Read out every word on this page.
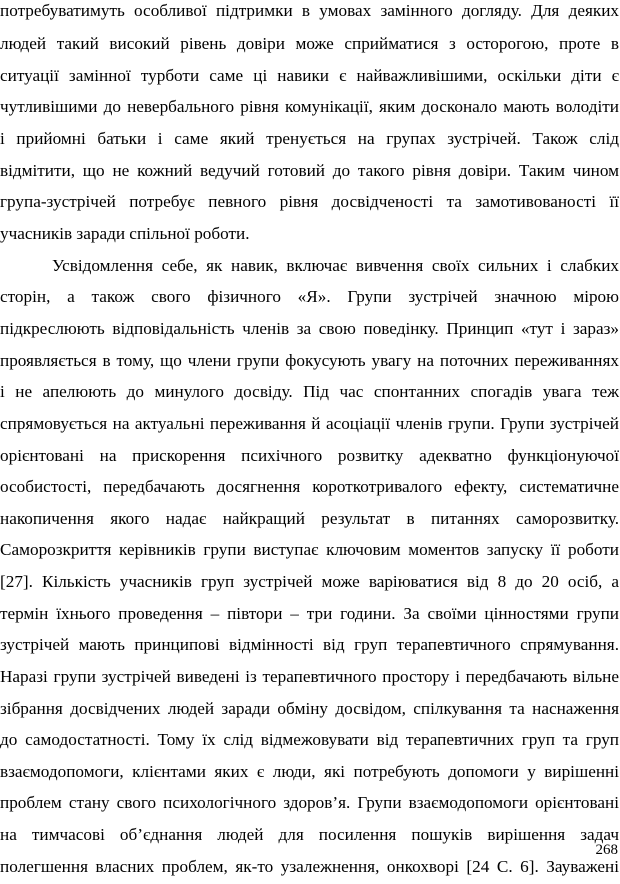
потребуватимуть особливої підтримки в умовах замінного догляду. Для деяких
людей такий високий рівень довіри може сприйматися з осторогою, проте в
ситуації замінної турботи саме ці навики є найважливішими, оскільки діти є
чутливішими до невербального рівня комунікації, яким досконало мають володіти
і прийомні батьки і саме який тренується на групах зустрічей. Також слід
відмітити, що не кожний ведучий готовий до такого рівня довіри. Таким чином
група-зустрічей потребує певного рівня досвідченості та замотивованості її
учасників заради спільної роботи.
Усвідомлення себе, як навик, включає вивчення своїх сильних і слабких
сторін, а також свого фізичного «Я». Групи зустрічей значною мірою
підкреслюють відповідальність членів за свою поведінку. Принцип «тут і зараз»
проявляється в тому, що члени групи фокусують увагу на поточних переживаннях
і не апелюють до минулого досвіду. Під час спонтанних спогадів увага теж
спрямовується на актуальні переживання й асоціації членів групи. Групи зустрічей
орієнтовані на прискорення психічного розвитку адекватно функціонуючої
особистості, передбачають досягнення короткотривалого ефекту, систематичне
накопичення якого надає найкращий результат в питаннях саморозвитку.
Саморозкриття керівників групи виступає ключовим моментов запуску її роботи
[27]. Кількість учасників груп зустрічей може варіюватися від 8 до 20 осіб, а
термін їхнього проведення – півтори – три години. За своїми цінностями групи
зустрічей мають принципові відмінності від груп терапевтичного спрямування.
Наразі групи зустрічей виведені із терапевтичного простору і передбачають вільне
зібрання досвідчених людей заради обміну досвідом, спілкування та наснаження
до самодостатності. Тому їх слід відмежовувати від терапевтичних груп та груп
взаємодопомоги, клієнтами яких є люди, які потребують допомоги у вирішенні
проблем стану свого психологічного здоров’я. Групи взаємодопомоги орієнтовані
на тимчасові об’єднання людей для посилення пошуків вирішення задач
полегшення власних проблем, як-то узалежнення, онкохворі [24 С. 6]. Зауважені
268
